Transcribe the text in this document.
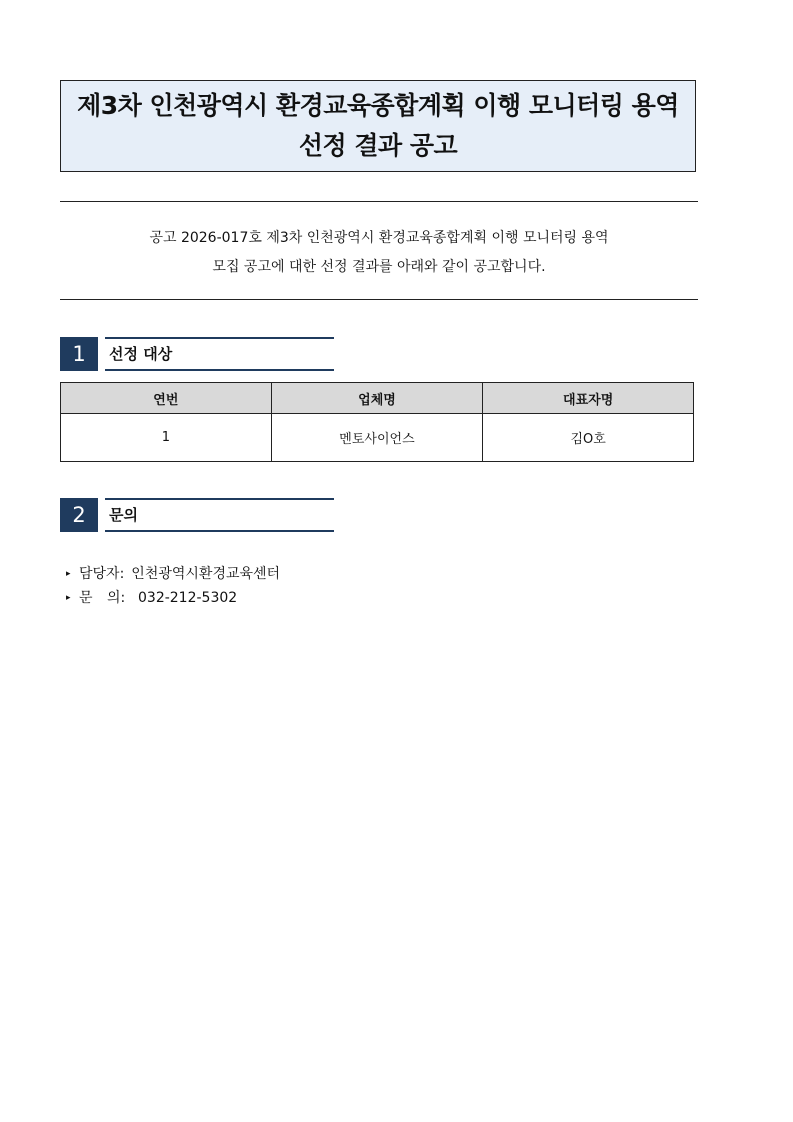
제3차 인천광역시 환경교육종합계획 이행 모니터링 용역
선정 결과 공고
공고 2026-017호 제3차 인천광역시 환경교육종합계획 이행 모니터링 용역
모집 공고에 대한 선정 결과를 아래와 같이 공고합니다.
1	선정 대상
연번	업체명	대표자명
1	멘토사이언스	김O호
2	문의
▸ 담당자: 인천광역시환경교육센터
▸ 문 의: 032-212-5302
